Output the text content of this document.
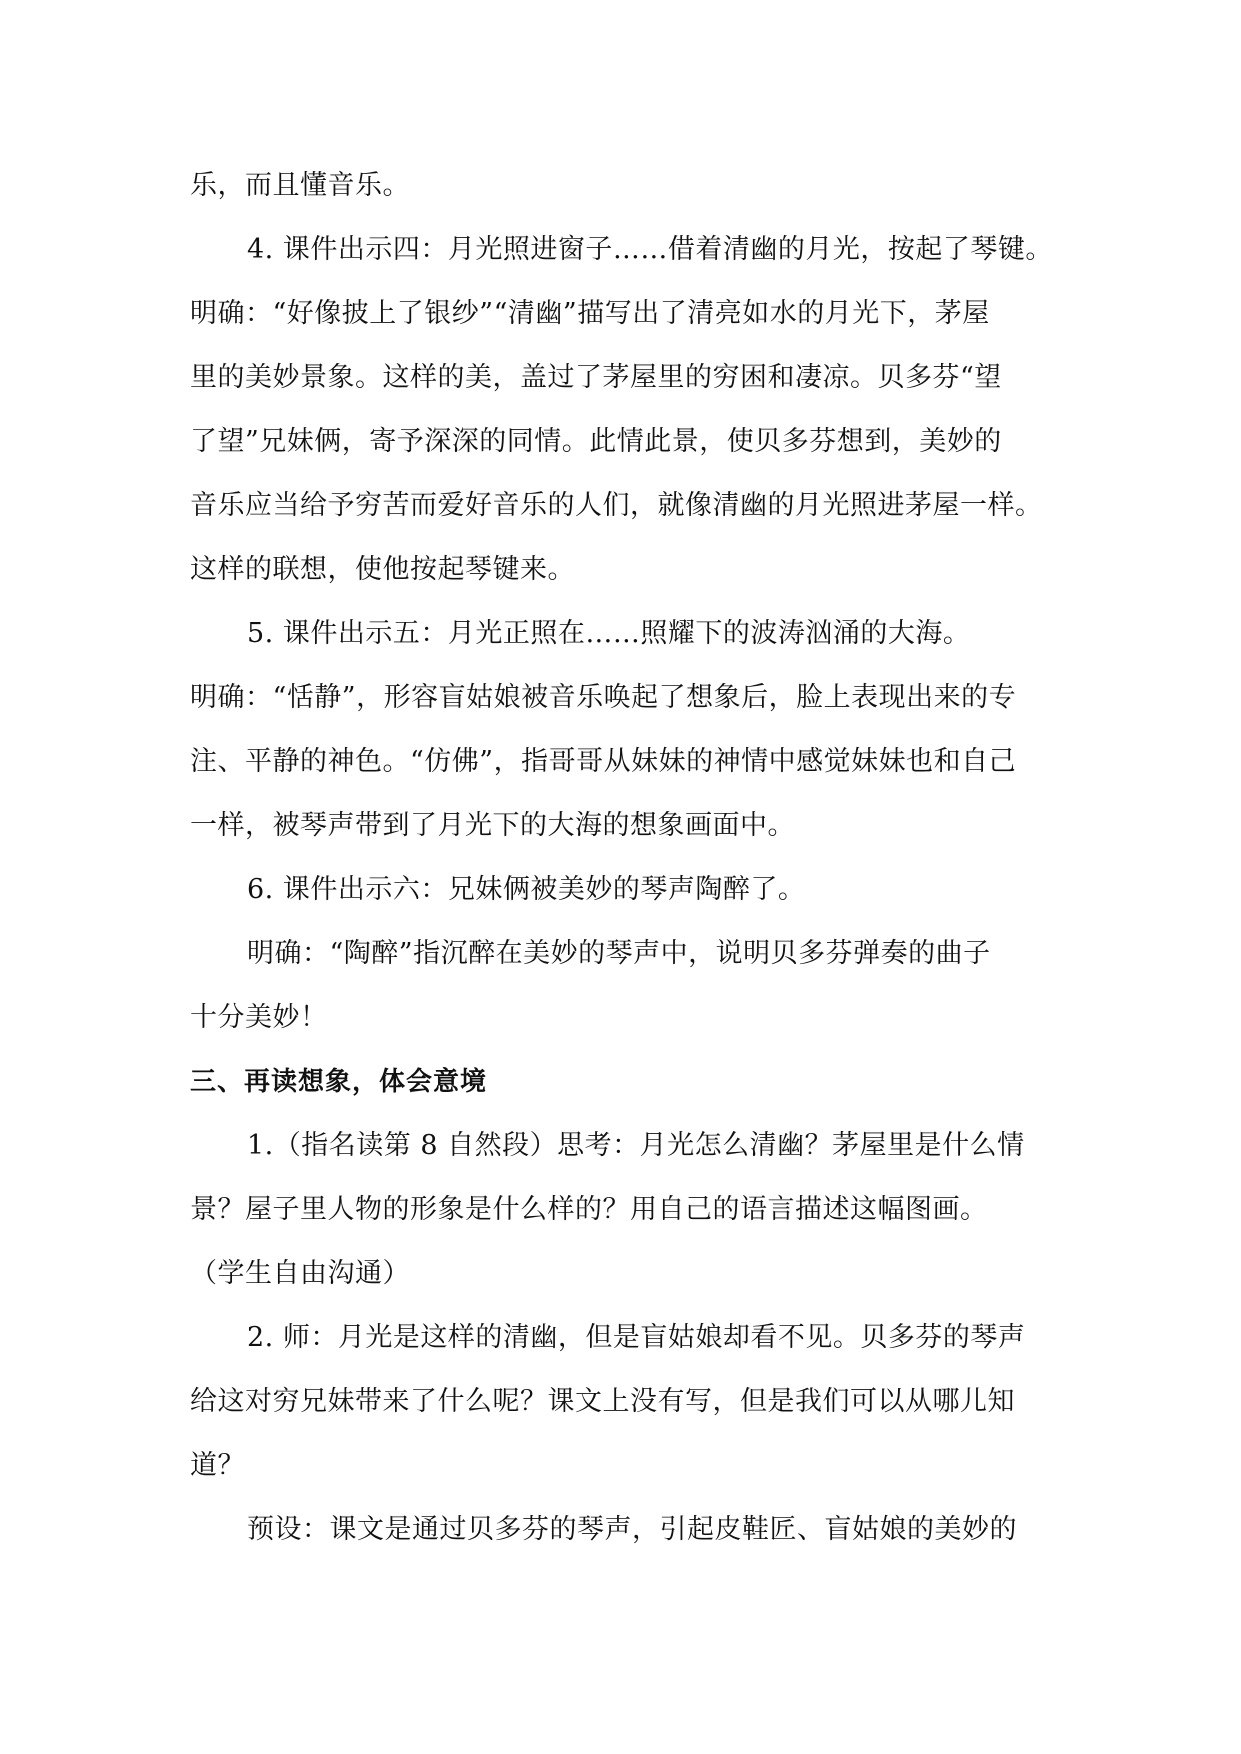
乐，而且懂音乐。
4. 课件出示四：月光照进窗子……借着清幽的月光，按起了琴键。
明确：“好像披上了银纱”“清幽”描写出了清亮如水的月光下，茅屋
里的美妙景象。这样的美，盖过了茅屋里的穷困和凄凉。贝多芬“望
了望”兄妹俩，寄予深深的同情。此情此景，使贝多芬想到，美妙的
音乐应当给予穷苦而爱好音乐的人们，就像清幽的月光照进茅屋一样。
这样的联想，使他按起琴键来。
5. 课件出示五：月光正照在……照耀下的波涛汹涌的大海。
明确：“恬静”，形容盲姑娘被音乐唤起了想象后，脸上表现出来的专
注、平静的神色。“仿佛”，指哥哥从妹妹的神情中感觉妹妹也和自己
一样，被琴声带到了月光下的大海的想象画面中。
6. 课件出示六：兄妹俩被美妙的琴声陶醉了。
明确：“陶醉”指沉醉在美妙的琴声中，说明贝多芬弹奏的曲子
十分美妙！
三、再读想象，体会意境
1.（指名读第 8 自然段）思考：月光怎么清幽？茅屋里是什么情
景？屋子里人物的形象是什么样的？用自己的语言描述这幅图画。
（学生自由沟通）
2. 师：月光是这样的清幽，但是盲姑娘却看不见。贝多芬的琴声
给这对穷兄妹带来了什么呢？课文上没有写，但是我们可以从哪儿知
道？
预设：课文是通过贝多芬的琴声，引起皮鞋匠、盲姑娘的美妙的
